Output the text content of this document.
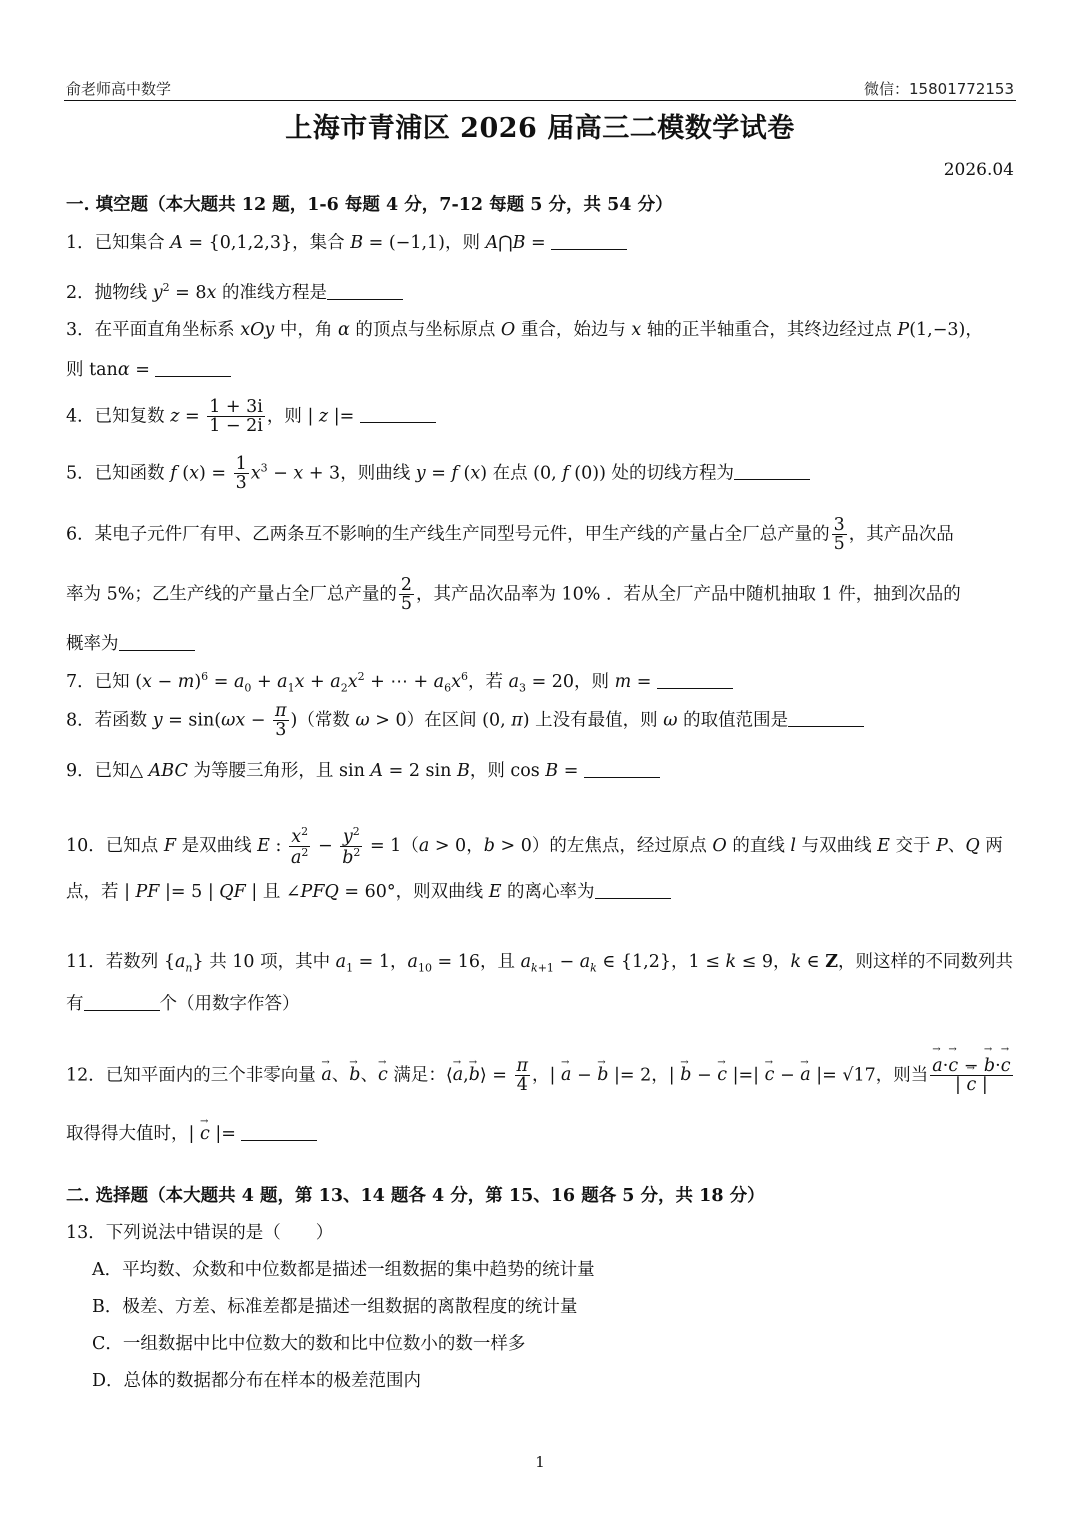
俞老师高中数学	微信：15801772153
上海市青浦区 2026 届高三二模数学试卷
2026.04
一. 填空题（本大题共 12 题，1-6 每题 4 分，7-12 每题 5 分，共 54 分）
1．已知集合 A = {0,1,2,3}，集合 B = (−1,1)，则 A⋂B =
2．抛物线 $y^2 = 8x$ 的准线方程是
3．在平面直角坐标系 xOy 中，角 α 的顶点与坐标原点 O 重合，始边与 x 轴的正半轴重合，其终边经过点 P(1,−3)，
则 tanα =
4．已知复数 $z = \frac{1 + 3i}{1 - 2i}$ ，则 | z |=
5．已知函数 f $(x) = \frac{1}{3} x^3 - x + 3$，则曲线 y = f (x) 在点 (0, f (0)) 处的切线方程为
6．某电子元件厂有甲、乙两条互不影响的生产线生产同型号元件，甲生产线的产量占全厂总产量的 $\frac{3}{5}$ ，其产品次品
率为 5%；乙生产线的产量占全厂总产量的 $\frac{2}{5}$ ，其产品次品率为 10% ．若从全厂产品中随机抽取 1 件，抽到次品的
概率为
7．已知 $(x - m)^6 = a_0 + a_1x + a_2x^2$ + ⋯ + $a_6x^6$，若 $a_3 = 20$，则 m =
8．若函数 $y = \sin(\omega x - \frac{\pi}{3}$ )（常数 ω > 0）在区间 (0, π) 上没有最值，则 ω 的取值范围是
9．已知△ ABC 为等腰三角形，且 sin A = 2 sin B，则 cos B =
10．已知点 F 是双曲线 E : $\frac{x^2}{a^2} - \frac{y^2}{b^2} = 1(a > 0$，b > 0）的左焦点，经过原点 O 的直线 l 与双曲线 E 交于 P、Q 两
点，若 | PF |= 5 | QF | 且 ∠PFQ = 60°，则双曲线 E 的离心率为
11．若数列 $\{a_n\}$ 共 10 项，其中 $a_1 = 1$，$a_{10} = 16$，且 $a_{k+1} - a_k$ ∈ {1,2}，1 ≤ k ≤ 9，k ∈ Z，则这样的不同数列共
有	个（用数字作答）
12．已知平面内的三个非零向量 → a、→ b、→ c 满足：⟨→ a,→ b⟩ = $\frac{\pi}{4}$ ，| → a − → b |= 2，| → b − → c |=| → c − → a |= √17，则当
→ $\frac{a\cdot\to c - \to b\cdot\to c}{| \to c |}$
取得得大值时，| → c |=
二. 选择题（本大题共 4 题，第 13、14 题各 4 分，第 15、16 题各 5 分，共 18 分）
13．下列说法中错误的是（　　）
A．平均数、众数和中位数都是描述一组数据的集中趋势的统计量
B．极差、方差、标准差都是描述一组数据的离散程度的统计量
C．一组数据中比中位数大的数和比中位数小的数一样多
D．总体的数据都分布在样本的极差范围内
1
